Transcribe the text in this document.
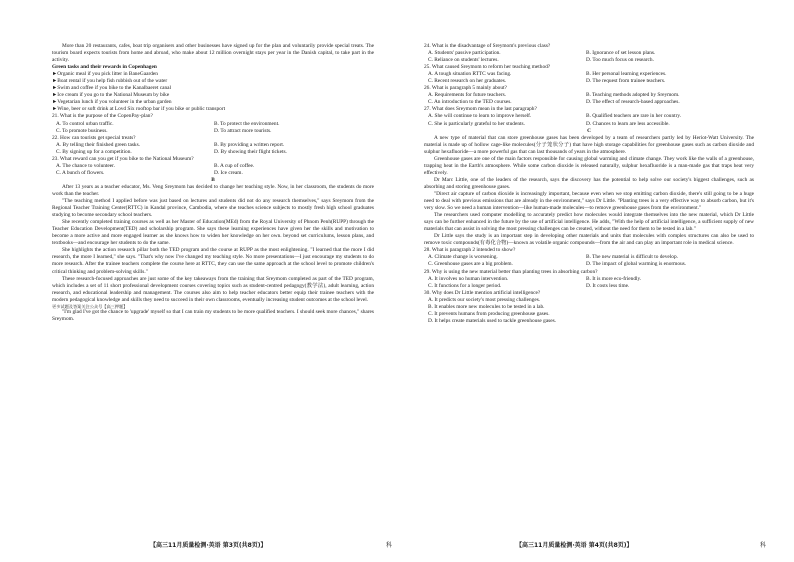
More than 20 restaurants, cafes, boat trip organisers and other businesses have signed up for the plan and voluntarily provide special treats. The tourism board expects tourists from home and abroad, who make about 12 million overnight stays per year in the Danish capital, to take part in the activity.

Green tasks and their rewards in Copenhagen

►Organic meal if you pick litter in BaneGaarden

►Boat rental if you help fish rubbish out of the water

►Swim and coffee if you bike to the Kanalbaeret canal

►Ice cream if you go to the National Museum by bike

►Vegetarian lunch if you volunteer in the urban garden

►Wine, beer or soft drink at Lovd Six rooftop bar if you bike or public transport

21. What is the purpose of the CopenPay-plan?

A. To control urban traffic.	B. To protect the environment.
C. To promote business.	D. To attract more tourists.

22. How can tourists get special treats?

A. By telling their finished green tasks.	B. By providing a written report.
C. By signing up for a competition.	D. By showing their flight tickets.

23. What reward can you get if you bike to the National Museum?

A. The chance to volunteer.	B. A cup of coffee.
C. A bunch of flowers.	D. Ice cream.

B

After 13 years as a teacher educator, Ms. Veng Sreymom has decided to change her teaching style. Now, in her classroom, the students do more work than the teacher.

"The teaching method I applied before was just based on lectures and students did not do any research themselves," says Sreymom from the Regional Teacher Training Center(RTTC) in Kandal province, Cambodia, where she teaches science subjects to mostly fresh high school graduates studying to become secondary school teachers.

She recently completed training courses as well as her Master of Education(MEd) from the Royal University of Phnom Penh(RUPP) through the Teacher Education Development(TED) and scholarship program. She says these learning experiences have given her the skills and motivation to become a more active and more engaged learner as she knows how to widen her knowledge on her own. beyond set curriculums, lesson plans, and textbooks—and encourage her students to do the same.

She highlights the action research pillar both the TED program and the course at RUPP as the most enlightening. "I learned that the more I did research, the more I learned," she says. "That's why now I've changed my teaching style. No more presentations—I just encourage my students to do more research. After the trainee teachers complete the course here at RTTC, they can use the same approach at the school level to promote children's critical thinking and problem-solving skills."

These research-focused approaches are just some of the key takeaways from the training that Sreymom completed as part of the TED program, which includes a set of 11 short professional development courses covering topics such as student-centred pedagogy(教学法), adult learning, action research, and educational leadership and management. The courses also aim to help teacher educators better equip their trainee teachers with the modern pedagogical knowledge and skills they need to succeed in their own classrooms, eventually increasing student outcomes at the school level.

更多试题及答案关注公众号【高三押题】

"I'm glad I've got the chance to 'upgrade' myself so that I can train my students to be more qualified teachers. I should seek more chances," shares Sreymom.

24. What is the disadvantage of Sreymom's previous class?

A. Students' passive participation.	B. Ignorance of set lesson plans.
C. Reliance on students' lectures.	D. Too much focus on research.

25. What caused Sreymom to reform her teaching method?

A. A tough situation RTTC was facing.	B. Her personal learning experiences.
C. Recent research on her graduates.	D. The request from trainee teachers.

26. What is paragraph 5 mainly about?

A. Requirements for future teachers.	B. Teaching methods adopted by Sreymom.
C. An introduction to the TED courses.	D. The effect of research-based approaches.

27. What does Sreymom mean in the last paragraph?

A. She will continue to learn to improve herself.	B. Qualified teachers are rare in her country.
C. She is particularly grateful to her students.	D. Chances to learn are less accessible.

C

A new type of material that can store greenhouse gases has been developed by a team of researchers partly led by Heriot-Watt University. The material is made up of hollow cage-like molecules(分子笼状分子) that have high storage capabilities for greenhouse gases such as carbon dioxide and sulphur hexafluoride—a more powerful gas that can last thousands of years in the atmosphere.

Greenhouse gases are one of the main factors responsible for causing global warming and climate change. They work like the walls of a greenhouse, trapping heat in the Earth's atmosphere. While some carbon dioxide is released naturally, sulphur hexafluoride is a man-made gas that traps heat very effectively.

Dr Marc Little, one of the leaders of the research, says the discovery has the potential to help solve our society's biggest challenges, such as absorbing and storing greenhouse gases.

"Direct air capture of carbon dioxide is increasingly important, because even when we stop emitting carbon dioxide, there's still going to be a huge need to deal with previous emissions that are already in the environment," says Dr Little. "Planting trees is a very effective way to absorb carbon, but it's very slow. So we need a human intervention—like human-made molecules—to remove greenhouse gases from the environment."

The researchers used computer modelling to accurately predict how molecules would integrate themselves into the new material, which Dr Little says can be further enhanced in the future by the use of artificial intelligence. He adds, "With the help of artificial intelligence, a sufficient supply of new materials that can assist in solving the most pressing challenges can be created, without the need for them to be tested in a lab."

Dr Little says the study is an important step in developing other materials and units that molecules with complex structures can also be used to remove toxic compounds(有毒化合物)—known as volatile organic compounds—from the air and can play an important role in medical science.

28. What is paragraph 2 intended to show?

A. Climate change is worsening.	B. The new material is difficult to develop.
C. Greenhouse gases are a big problem.	D. The impact of global warming is enormous.

29. Why is using the new material better than planting trees in absorbing carbon?

A. It involves no human intervention.	B. It is more eco-friendly.
C. It functions for a longer period.	D. It costs less time.

30. Why does Dr Little mention artificial intelligence?

A. It predicts our society's most pressing challenges.

B. It enables more new molecules to be tested in a lab.

C. It prevents humans from producing greenhouse gases.

D. It helps create materials used to tackle greenhouse gases.

【高三11月质量检测·英语 第3页(共8页)】	科	【高三11月质量检测·英语 第4页(共8页)】	科
